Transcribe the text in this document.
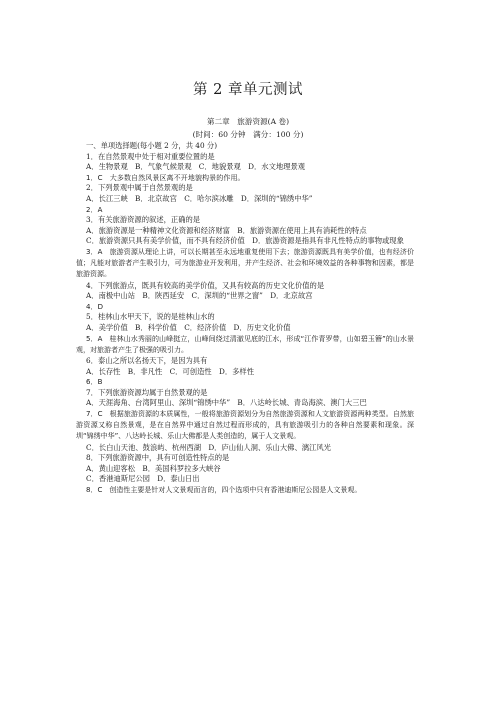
第 2 章单元测试
第二章　旅游资源(A 卷)
(时间：60 分钟　满分：100 分)
一、单项选择题(每小题 2 分，共 40 分)
1．在自然景观中处于相对重要位置的是
A．生物景观　B．气象气候景观　C．地貌景观　D．水文地理景观
1．C　大多数自然风景区离不开地貌构景的作用。
2．下列景观中属于自然景观的是
A．长江三峡　B．北京故宫　C．哈尔滨冰雕　D．深圳的“锦绣中华”
2．A
3．有关旅游资源的叙述，正确的是
A．旅游资源是一种精神文化资源和经济财富　B．旅游资源在使用上具有消耗性的特点
C．旅游资源只具有美学价值，而不具有经济价值　D．旅游资源是指具有非凡性特点的事物或现象
3．A　旅游资源从理论上讲，可以长期甚至永远地重复使用下去；旅游资源既具有美学价值，也有经济价值；凡能对旅游者产生吸引力，可为旅游业开发利用，并产生经济、社会和环境效益的各种事物和因素，都是旅游资源。
4．下列旅游点，既具有较高的美学价值，又具有较高的历史文化价值的是
A．南极中山站　B．陕西延安　C．深圳的“世界之窗”　D．北京故宫
4．D
5．桂林山水甲天下，说的是桂林山水的
A．美学价值　B．科学价值　C．经济价值　D．历史文化价值
5．A　桂林山水秀丽的山峰挺立，山峰间绕过清澈见底的江水，形成“江作青罗带，山如碧玉簪”的山水景观，对旅游者产生了极强的吸引力。
6．泰山之所以名扬天下，是因为具有
A．长存性　B．非凡性　C．可创造性　D．多样性
6．B
7．下列旅游资源均属于自然景观的是
A．天涯海角、台湾阿里山、深圳“锦绣中华”　B．八达岭长城、青岛海滨、澳门大三巴
7．C　根据旅游资源的本质属性，一般将旅游资源划分为自然旅游资源和人文旅游资源两种类型。自然旅游资源又称自然景观，是在自然界中通过自然过程而形成的，具有旅游吸引力的各种自然要素和现象。深圳“锦绣中华”、八达岭长城、乐山大佛都是人类创造的，属于人文景观。
C．长白山天池、鼓浪屿、杭州西湖　D．庐山仙人洞、乐山大佛、漓江风光
8．下列旅游资源中，具有可创造性特点的是
A．黄山迎客松　B．美国科罗拉多大峡谷
C．香港迪斯尼公园　D．泰山日出
8．C　创造性主要是针对人文景观而言的，四个选项中只有香港迪斯尼公园是人文景观。
